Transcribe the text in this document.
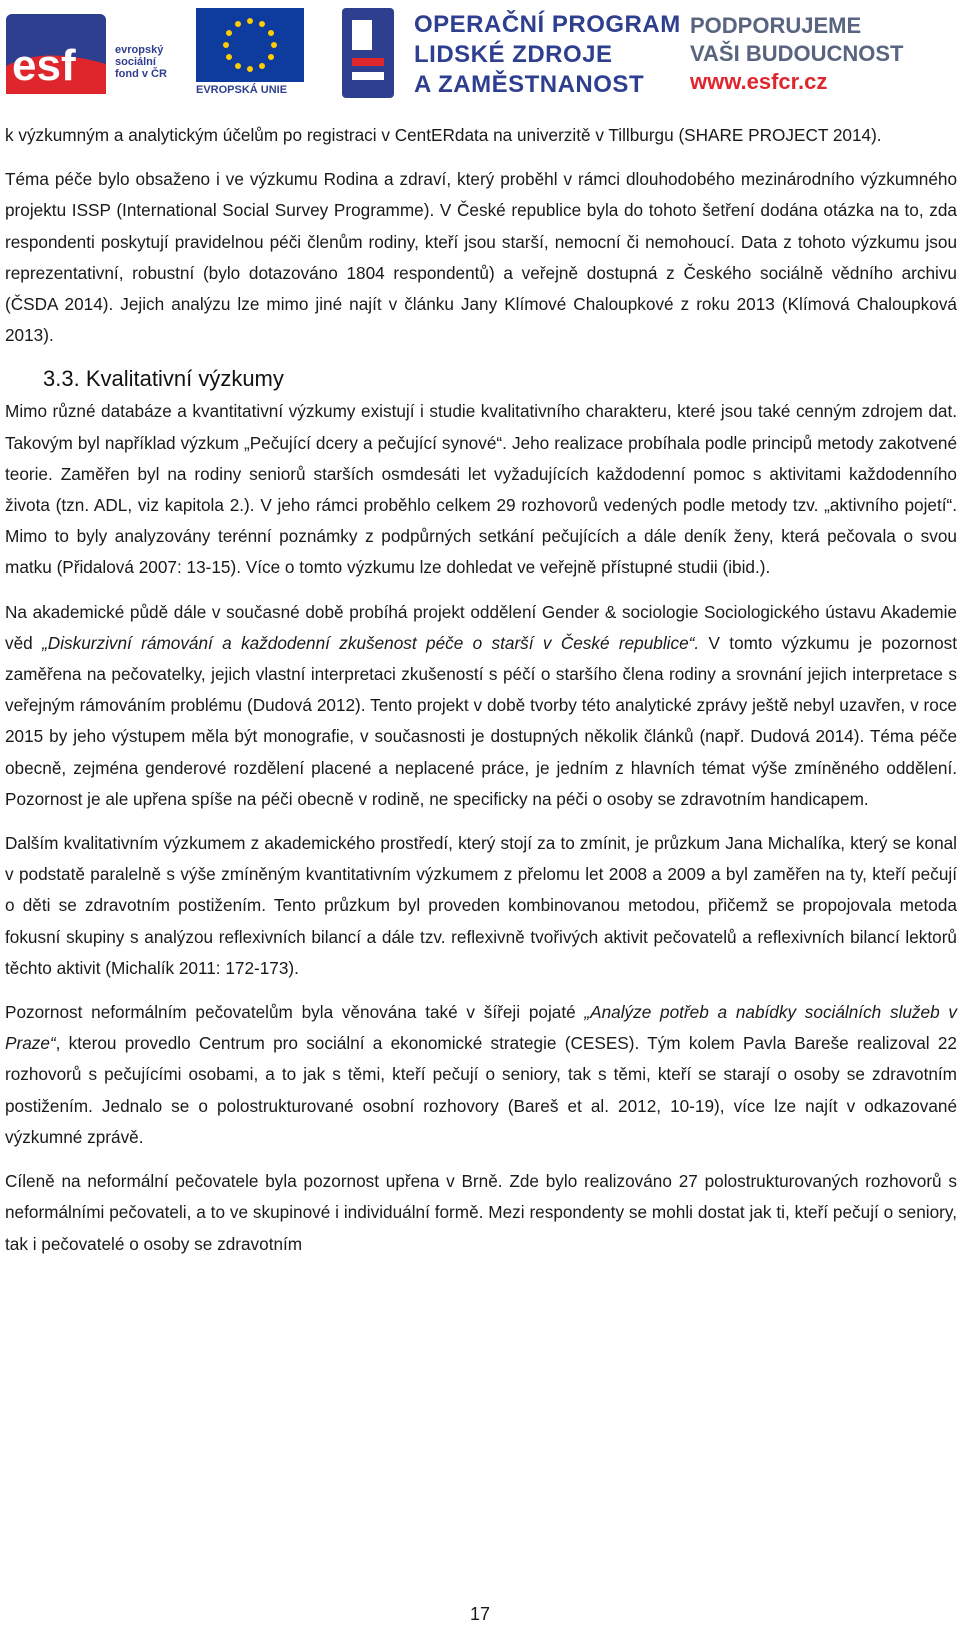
esf	evropský
sociální
fond v ČR
EVROPSKÁ UNIE
OPERAČNÍ PROGRAM
LIDSKÉ ZDROJE
A ZAMĚSTNANOST
PODPORUJEME
VAŠI BUDOUCNOST
www.esfcr.cz

k výzkumným a analytickým účelům po registraci v CentERdata na univerzitě v Tillburgu (SHARE PROJECT 2014).

Téma péče bylo obsaženo i ve výzkumu Rodina a zdraví, který proběhl v rámci dlouhodobého mezinárodního výzkumného projektu ISSP (International Social Survey Programme). V České republice byla do tohoto šetření dodána otázka na to, zda respondenti poskytují pravidelnou péči členům rodiny, kteří jsou starší, nemocní či nemohoucí. Data z tohoto výzkumu jsou reprezentativní, robustní (bylo dotazováno 1804 respondentů) a veřejně dostupná z Českého sociálně vědního archivu (ČSDA 2014). Jejich analýzu lze mimo jiné najít v článku Jany Klímové Chaloupkové z roku 2013 (Klímová Chaloupková 2013).

3.3. Kvalitativní výzkumy

Mimo různé databáze a kvantitativní výzkumy existují i studie kvalitativního charakteru, které jsou také cenným zdrojem dat. Takovým byl například výzkum „Pečující dcery a pečující synové“. Jeho realizace probíhala podle principů metody zakotvené teorie. Zaměřen byl na rodiny seniorů starších osmdesáti let vyžadujících každodenní pomoc s aktivitami každodenního života (tzn. ADL, viz kapitola 2.). V jeho rámci proběhlo celkem 29 rozhovorů vedených podle metody tzv. „aktivního pojetí“. Mimo to byly analyzovány terénní poznámky z podpůrných setkání pečujících a dále deník ženy, která pečovala o svou matku (Přidalová 2007: 13-15). Více o tomto výzkumu lze dohledat ve veřejně přístupné studii (ibid.).

Na akademické půdě dále v současné době probíhá projekt oddělení Gender & sociologie Sociologického ústavu Akademie věd „Diskurzivní rámování a každodenní zkušenost péče o starší v České republice“. V tomto výzkumu je pozornost zaměřena na pečovatelky, jejich vlastní interpretaci zkušeností s péčí o staršího člena rodiny a srovnání jejich interpretace s veřejným rámováním problému (Dudová 2012). Tento projekt v době tvorby této analytické zprávy ještě nebyl uzavřen, v roce 2015 by jeho výstupem měla být monografie, v současnosti je dostupných několik článků (např. Dudová 2014). Téma péče obecně, zejména genderové rozdělení placené a neplacené práce, je jedním z hlavních témat výše zmíněného oddělení. Pozornost je ale upřena spíše na péči obecně v rodině, ne specificky na péči o osoby se zdravotním handicapem.

Dalším kvalitativním výzkumem z akademického prostředí, který stojí za to zmínit, je průzkum Jana Michalíka, který se konal v podstatě paralelně s výše zmíněným kvantitativním výzkumem z přelomu let 2008 a 2009 a byl zaměřen na ty, kteří pečují o děti se zdravotním postižením. Tento průzkum byl proveden kombinovanou metodou, přičemž se propojovala metoda fokusní skupiny s analýzou reflexivních bilancí a dále tzv. reflexivně tvořivých aktivit pečovatelů a reflexivních bilancí lektorů těchto aktivit (Michalík 2011: 172-173).

Pozornost neformálním pečovatelům byla věnována také v šířeji pojaté „Analýze potřeb a nabídky sociálních služeb v Praze“, kterou provedlo Centrum pro sociální a ekonomické strategie (CESES). Tým kolem Pavla Bareše realizoval 22 rozhovorů s pečujícími osobami, a to jak s těmi, kteří pečují o seniory, tak s těmi, kteří se starají o osoby se zdravotním postižením. Jednalo se o polostrukturované osobní rozhovory (Bareš et al. 2012, 10-19), více lze najít v odkazované výzkumné zprávě.

Cíleně na neformální pečovatele byla pozornost upřena v Brně. Zde bylo realizováno 27 polostrukturovaných rozhovorů s neformálními pečovateli, a to ve skupinové i individuální formě. Mezi respondenty se mohli dostat jak ti, kteří pečují o seniory, tak i pečovatelé o osoby se zdravotním

17
